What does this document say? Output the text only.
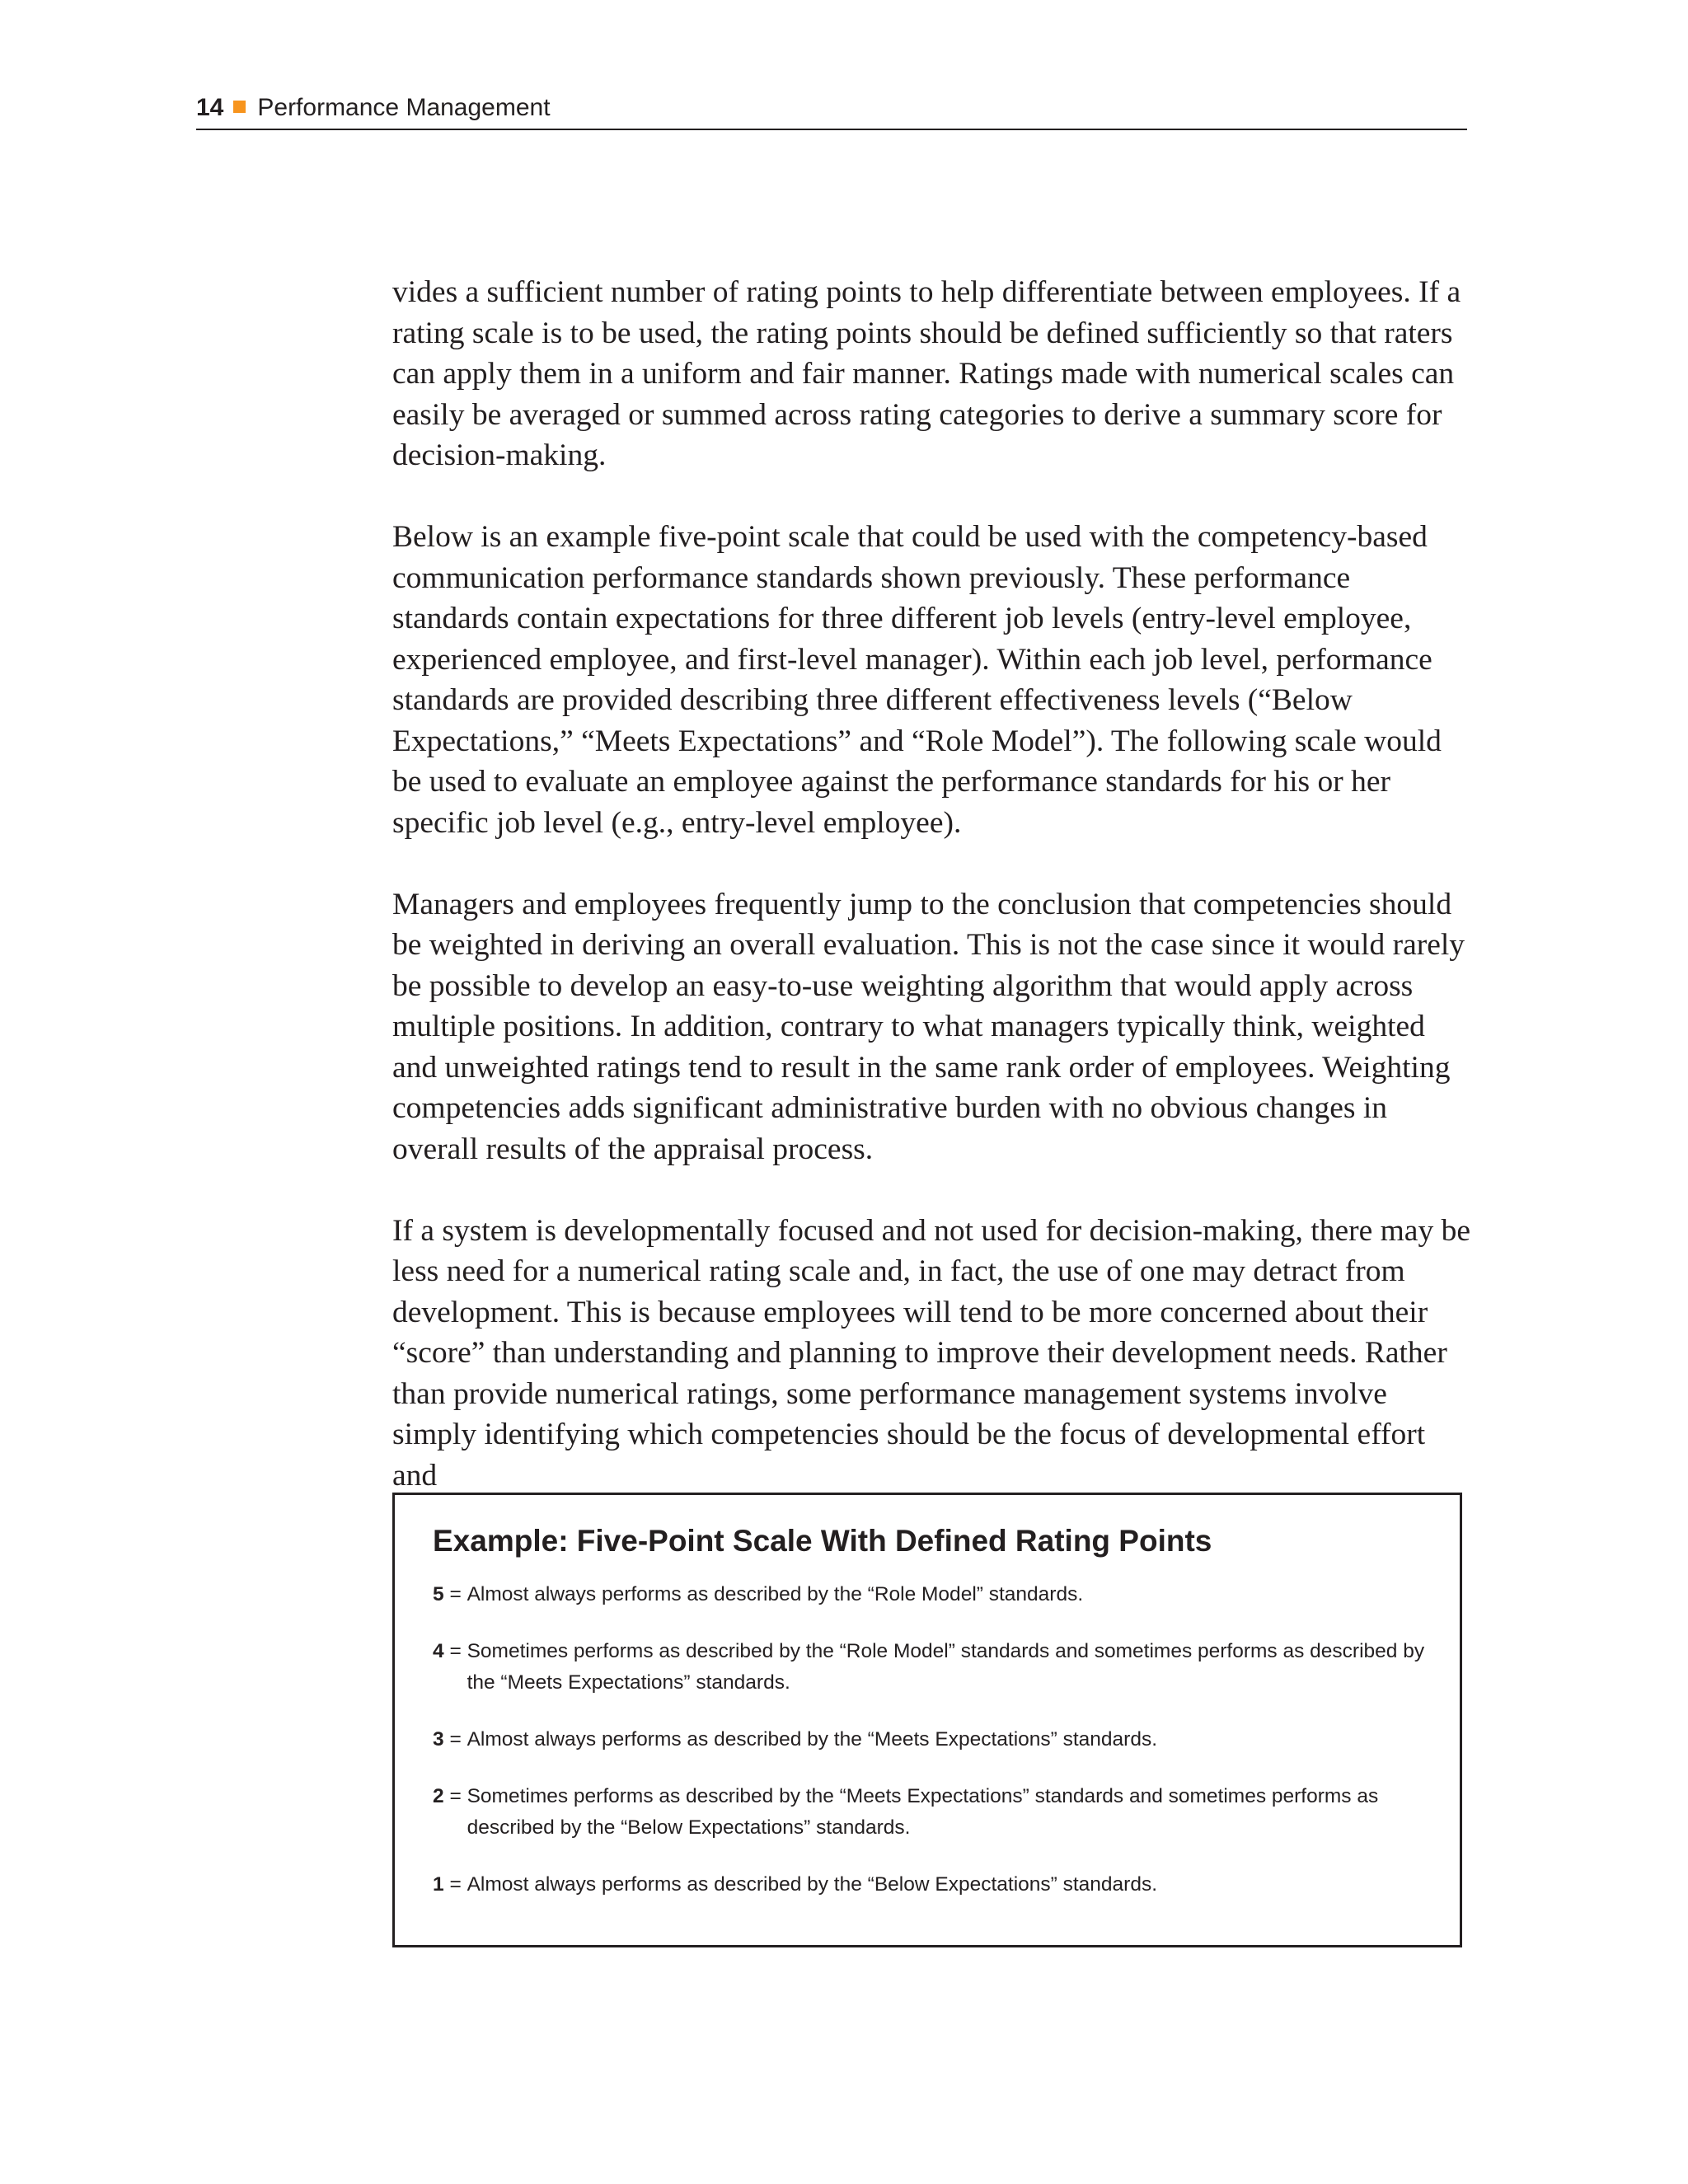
14 Performance Management

vides a sufficient number of rating points to help differentiate between employees. If a rating scale is to be used, the rating points should be defined sufficiently so that raters can apply them in a uniform and fair manner. Ratings made with numerical scales can easily be averaged or summed across rating categories to derive a summary score for decision-making.

Below is an example five-point scale that could be used with the competency-based communication performance standards shown previously. These performance standards contain expectations for three different job levels (entry-level employee, experienced employee, and first-level manager). Within each job level, performance standards are provided describing three different effectiveness levels (“Below Expectations,” “Meets Expectations” and “Role Model”). The following scale would be used to evaluate an employee against the performance standards for his or her specific job level (e.g., entry-level employee).

Managers and employees frequently jump to the conclusion that competencies should be weighted in deriving an overall evaluation. This is not the case since it would rarely be possible to develop an easy-to-use weighting algorithm that would apply across multiple positions. In addition, contrary to what managers typically think, weighted and unweighted ratings tend to result in the same rank order of employees. Weighting competencies adds significant administrative burden with no obvious changes in overall results of the appraisal process.

If a system is developmentally focused and not used for decision-making, there may be less need for a numerical rating scale and, in fact, the use of one may detract from development. This is because employees will tend to be more concerned about their “score” than understanding and planning to improve their development needs. Rather than provide numerical ratings, some performance management systems involve simply identifying which competencies should be the focus of developmental effort and

Example: Five-Point Scale With Defined Rating Points
5 = Almost always performs as described by the “Role Model” standards.
4 = Sometimes performs as described by the “Role Model” standards and sometimes performs as described by the “Meets Expectations” standards.
3 = Almost always performs as described by the “Meets Expectations” standards.
2 = Sometimes performs as described by the “Meets Expectations” standards and sometimes performs as described by the “Below Expectations” standards.
1 = Almost always performs as described by the “Below Expectations” standards.
